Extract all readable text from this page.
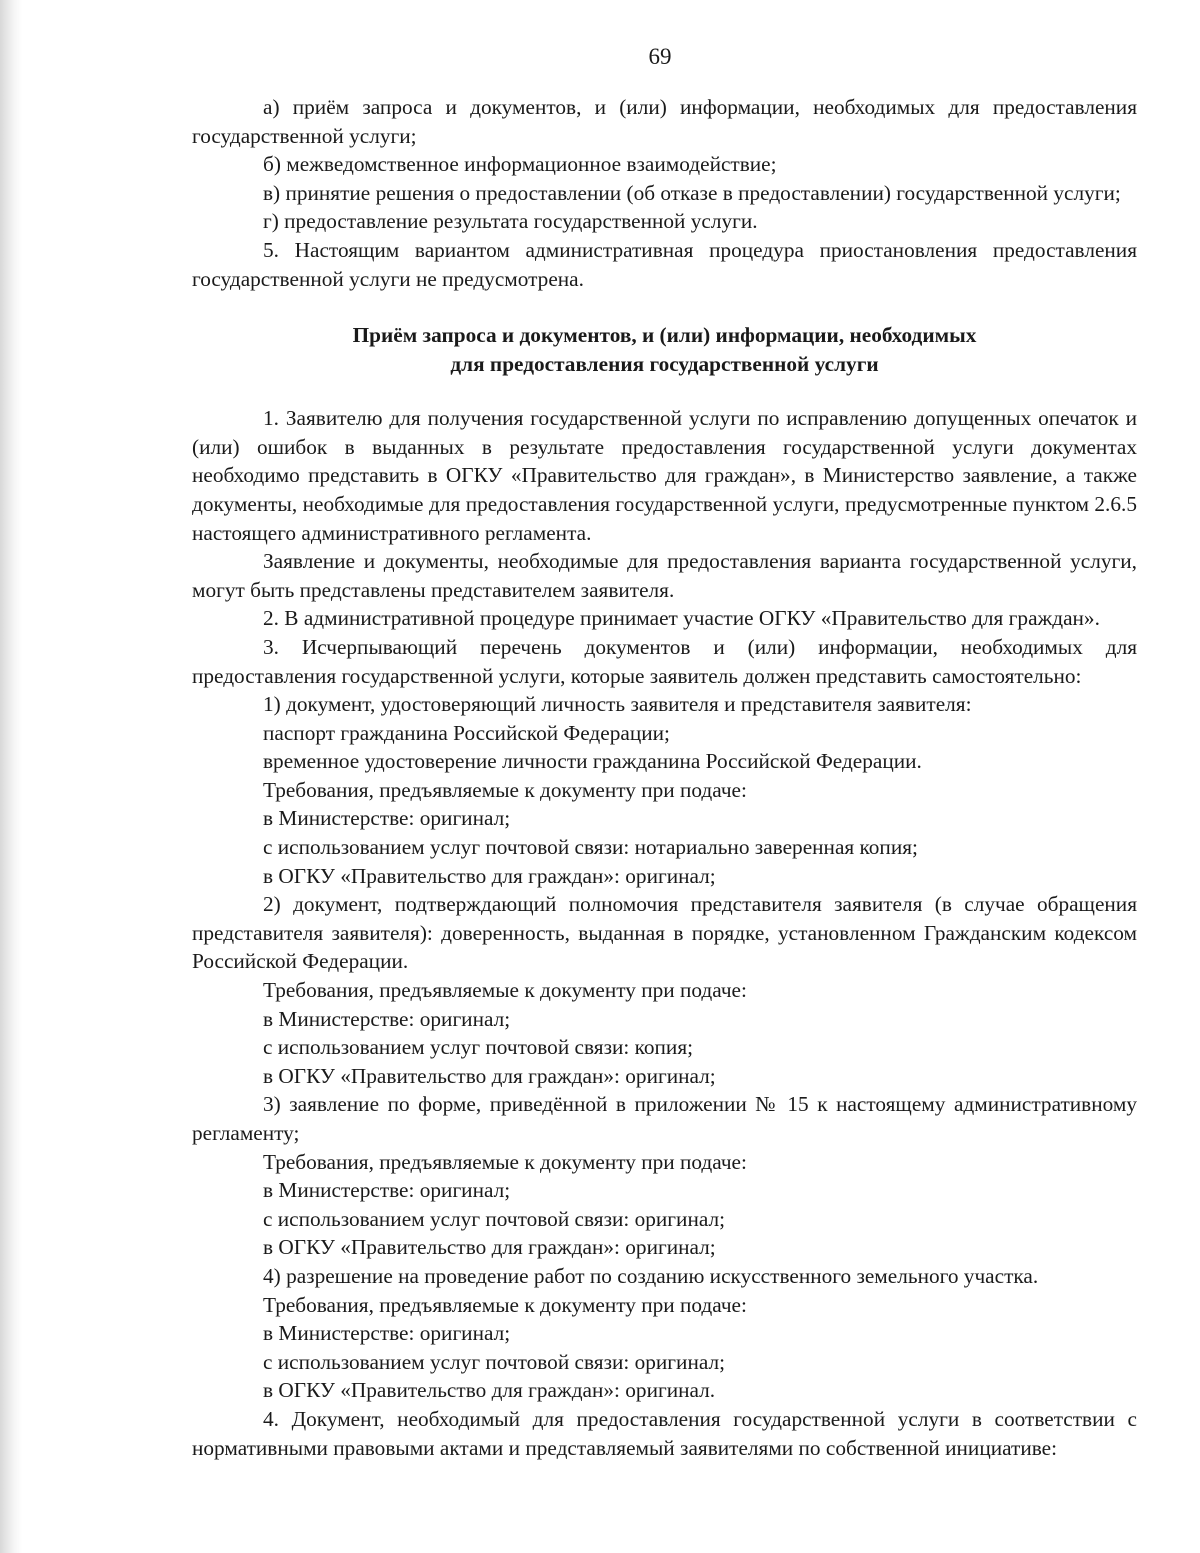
69

а) приём запроса и документов, и (или) информации, необходимых для предоставления государственной услуги;

б) межведомственное информационное взаимодействие;

в) принятие решения о предоставлении (об отказе в предоставлении) государственной услуги;

г) предоставление результата государственной услуги.

5. Настоящим вариантом административная процедура приостановления предоставления государственной услуги не предусмотрена.

Приём запроса и документов, и (или) информации, необходимых
для предоставления государственной услуги

1. Заявителю для получения государственной услуги по исправлению допущенных опечаток и (или) ошибок в выданных в результате предоставления государственной услуги документах необходимо представить в ОГКУ «Правительство для граждан», в Министерство заявление, а также документы, необходимые для предоставления государственной услуги, предусмотренные пунктом 2.6.5 настоящего административного регламента.

Заявление и документы, необходимые для предоставления варианта государственной услуги, могут быть представлены представителем заявителя.

2. В административной процедуре принимает участие ОГКУ «Правительство для граждан».

3. Исчерпывающий перечень документов и (или) информации, необходимых для предоставления государственной услуги, которые заявитель должен представить самостоятельно:

1) документ, удостоверяющий личность заявителя и представителя заявителя:

паспорт гражданина Российской Федерации;

временное удостоверение личности гражданина Российской Федерации.

Требования, предъявляемые к документу при подаче:

в Министерстве: оригинал;

с использованием услуг почтовой связи: нотариально заверенная копия;

в ОГКУ «Правительство для граждан»: оригинал;

2) документ, подтверждающий полномочия представителя заявителя (в случае обращения представителя заявителя): доверенность, выданная в порядке, установленном Гражданским кодексом Российской Федерации.

Требования, предъявляемые к документу при подаче:

в Министерстве: оригинал;

с использованием услуг почтовой связи: копия;

в ОГКУ «Правительство для граждан»: оригинал;

3) заявление по форме, приведённой в приложении № 15 к настоящему административному регламенту;

Требования, предъявляемые к документу при подаче:

в Министерстве: оригинал;

с использованием услуг почтовой связи: оригинал;

в ОГКУ «Правительство для граждан»: оригинал;

4) разрешение на проведение работ по созданию искусственного земельного участка.

Требования, предъявляемые к документу при подаче:

в Министерстве: оригинал;

с использованием услуг почтовой связи: оригинал;

в ОГКУ «Правительство для граждан»: оригинал.

4. Документ, необходимый для предоставления государственной услуги в соответствии с нормативными правовыми актами и представляемый заявителями по собственной инициативе:
